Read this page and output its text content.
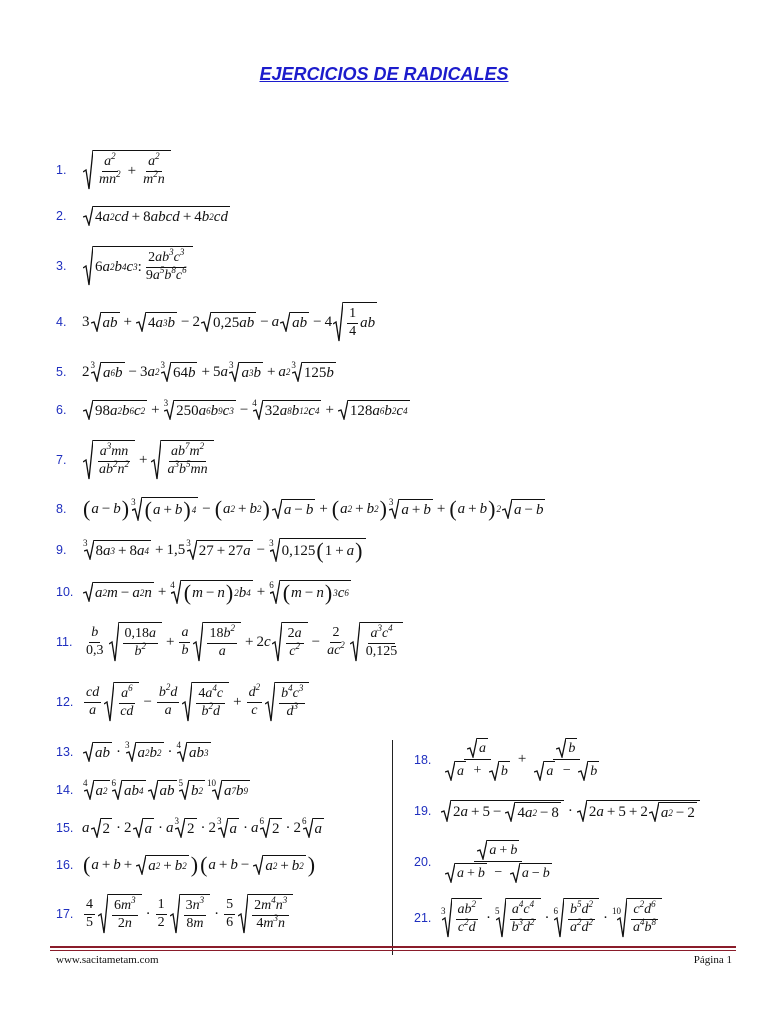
EJERCICIOS DE RADICALES
1.	$\frac{a^2}{mn^2} + \frac{a^2}{m^2n}$
2.	4 a 2 cd + 8 abcd + 4 b 2 cd
3.	6 a 2 b 4 c 3 : $\frac{2ab^3c^3}{9a^5b^8c^6}$
4.	3 ab + 4 a 3 b − 2 0,25 ab − a ab − $4 \frac{1}{4}$ ab
5.	2 3 a 6 b − 3 a 2
3 64 b + 5 a 3 a 3 b + a 2
3 125 b
6.	98 a 2 b 6 c 2 + 3 250 a 6 b 9 c 3 − 4 32 a 8 b 12 c 4 + 128 a 6 b 2 c 4
7.	$\frac{a^3mn}{ab^2n^2} + \frac{ab^7m^2}{a^3b^5mn}$
8. ( a − b ) 3 ( a + b ) 4 − ( a 2 + b 2 ) a − b + ( a 2 + b 2 ) 3 a + b + ( a + b ) 2 a − b
9.	3 8 a 3 + 8 a 4 + 1,5 3 27 + 27 a − 3 0,125 ( 1 + a )
10.	a 2 m − a 2 n + 4 ( m − n ) 2 b 4 + 6 ( m − n ) 3 c 6
11. $\frac{b}{0,3} \frac{0,18a}{b^2} + \frac{a}{b} \frac{18b^2}{a} + 2$ c $\frac{2a}{c^2} - \frac{2}{ac^2} \frac{a^3c^4}{0,125}$
12. $\frac{cd}{a} \frac{a^6}{cd} - \frac{b^2d}{a} \frac{4a^4c}{b^2d} + \frac{d^2}{c} \frac{b^4c^3}{d^3}$
13.	ab · 3 a 2 b 2 · 4 ab 3
14.	4 a 2
6 ab 4 ab 5 b 2
10 a 7 b 9
15. a 2 · 2 a · a 3 2 · 2 3 a · a 6 2 · 2 6 a
16. ( a + b + a 2 + b 2 ) ( a + b − a 2 + b 2 )
17. $\frac{4}{5} \frac{6m^3}{2n} \cdot \frac{1}{2} \frac{3n^3}{8m} \cdot \frac{5}{6} \frac{2m^4n^3}{4m^3n}$
18. $\frac{a}{a + b} + \frac{b}{a - b}$
19.	2 a + 5 − 4 a 2 − 8 · 2 a + 5 + 2 a 2 − 2
20. $\frac{a + b}{a + b - a - b}$
21.	$3 \frac{ab^2}{c^2d} \cdot 5 \frac{a^4c^4}{b^3d^2} \cdot 6 \frac{b^5d^2}{a^2d^2} \cdot 10 \frac{c^2d^6}{a^4b^8}$
www.sacitametam.com	Página 1
